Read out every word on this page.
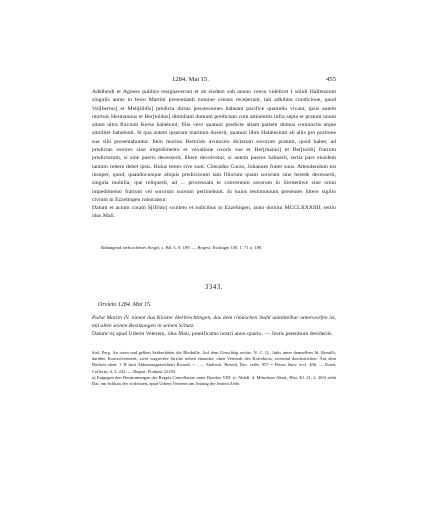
1284. Mai 15.	455

Adelheidi et Agnese publice resignaverunt et ab eisdem sub annuo censu videlicet I solidi Hallensium singulis annis in festo Martini presentandi nomine census receperunt, tali adhibita condicione, quod Vol[bertus] et Meh[tildis] predicta dictas possessiones habeant pacifice quamdiu vivant, ipsis autem mortuis Hermannus et Ber[toldus] dimidiam domum predictam cum attinentiis infra septa et pratum unum situm ultra fluvium Kerse habebunt, filie vero quatuor predicte aliam partem domus coniunctis atque similiter habebunt. Si qua autem ipsarum maritum duxerit, quatuor libre Hallensium ab aliis pro portione sua sibi presentabuntur. Item morino Bertoldo avunculo dictarum sororum pratum, quod habet, ad predictas sorores sine impedimento et vexatione uxoris sue et Her[manni] et Ber[toldi] fratrum predictorum, si sine pueris decesserit, libere devolvetur, si autem pueros habuerit, tertia pars eiusdem tantum cedere debet ipsis. Huius testes sive sunt: Cônradus Curzo, Johannes frater suus. Attendendum est insuper, quod, quandocunque aliquis predictorum tam filiorum quam sororum sine herede decesserit, singula mobilia, que reliquerit, ad ... prioressam et conventum sororum in Sirmenlwe sine omni impedimento fratrum vel sororum suorum pertinebunt. In huius testimonium presentes littere sigillo civium in Ezzelingen roborantur.

Datum et actum coram S[ifrido] sculteto et iudicibus in Ezzelingen, anno domini MCCLXXXIIII, tertio idus Maii.

Abhangend zerbrochenes Siegel, s. Bd. 5, S. 189. — Regest: Esslinger UB. 1, 71 n. 189.
3343.
Orvieto 1284. Mai 15.
Pabst Martin IV. nimmt das Kloster Herbrechtingen, das dem römischen Stuhl unmittelbar unterworfen ist, mit allen seinen Besitzungen in seinen Schutz.
Datum^a) apud Urbem Veterem, idus Maii, pontificatus nostri anno quarto. — Justis petentium desideriis.

Stal. Perg. An roten und gelben Seidenfäden die Bleibulle. Auf dem Umschlag rechts: N. C. Q., links unter demselben Jd. Romilli, darüber Kontrolvermerk, zwei wagrechte Striche neben einander; oben Vermerk des Korrektors, zweimal durchstrichen. Auf dem Rücken oben: † R (mit Abkürzungszeichen) Ricardi. + . — Abdruck: Besold, Doc. rediv. 957 = Petrus Suev. eccl. 406. — Kuen, Collectio 4, 3, 222. — Regest: Potthast 22138.

a) Entgegen den Bestimmungen der Regula Cancellariae unter Bonifaz VIII. (s. Abhdl. d. Münchner Akad., Hist. Kl. 21, 2, 365) steht Dat. am Schluss der vorletzten, apud Urbem Veterem am Anfang der letzten Zeile.
